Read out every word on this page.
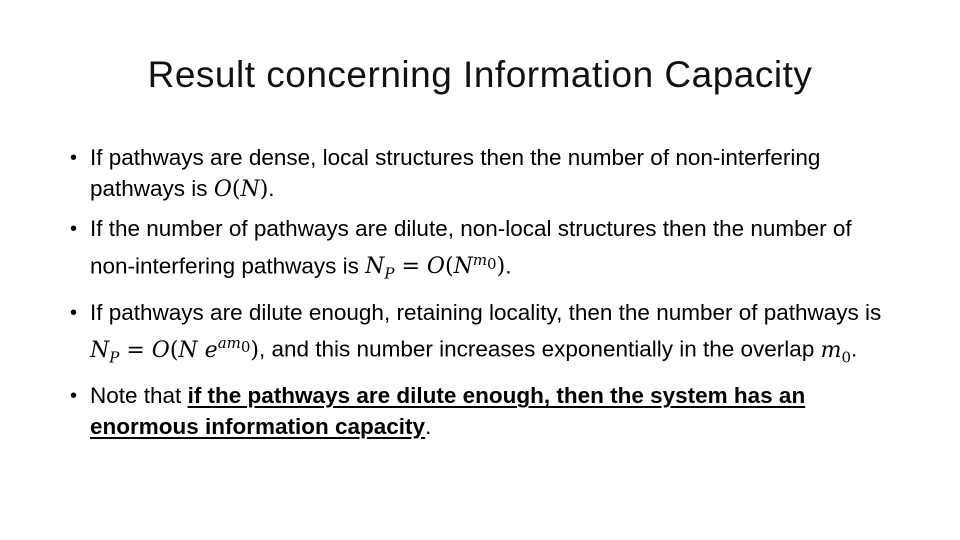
Result concerning Information Capacity
• If pathways are dense, local structures then the number of non-interfering pathways is O(N).
• If the number of pathways are dilute, non-local structures then the number of non-interfering pathways is $N_P = O(N^{m_0})$.
• If pathways are dilute enough, retaining locality, then the number of pathways is $N_P = O(N$ $e^{am_0}$), and this number increases exponentially in the overlap $m_0$.
• Note that if the pathways are dilute enough, then the system has an enormous information capacity.
